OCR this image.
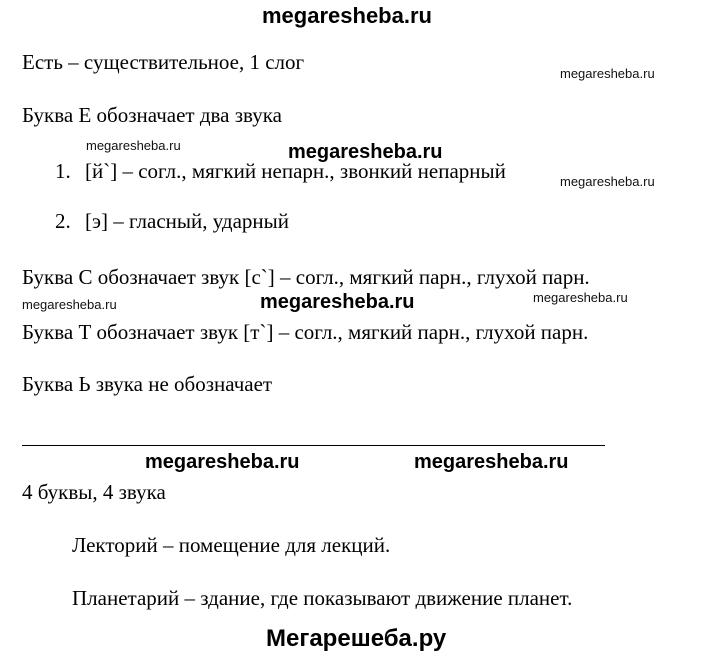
megaresheba.ru
megaresheba.ru
megaresheba.ru	megaresheba.ru
megaresheba.ru
megaresheba.ru	megaresheba.ru	megaresheba.ru
megaresheba.ru	megaresheba.ru
Мегарешеба.ру
Есть – существительное, 1 слог
Буква Е обозначает два звука
1. [й`] – согл., мягкий непарн., звонкий непарный
2. [э] – гласный, ударный
Буква С обозначает звук [с`] – согл., мягкий парн., глухой парн.
Буква Т обозначает звук [т`] – согл., мягкий парн., глухой парн.
Буква Ь звука не обозначает
4 буквы, 4 звука
Лекторий – помещение для лекций.
Планетарий – здание, где показывают движение планет.
